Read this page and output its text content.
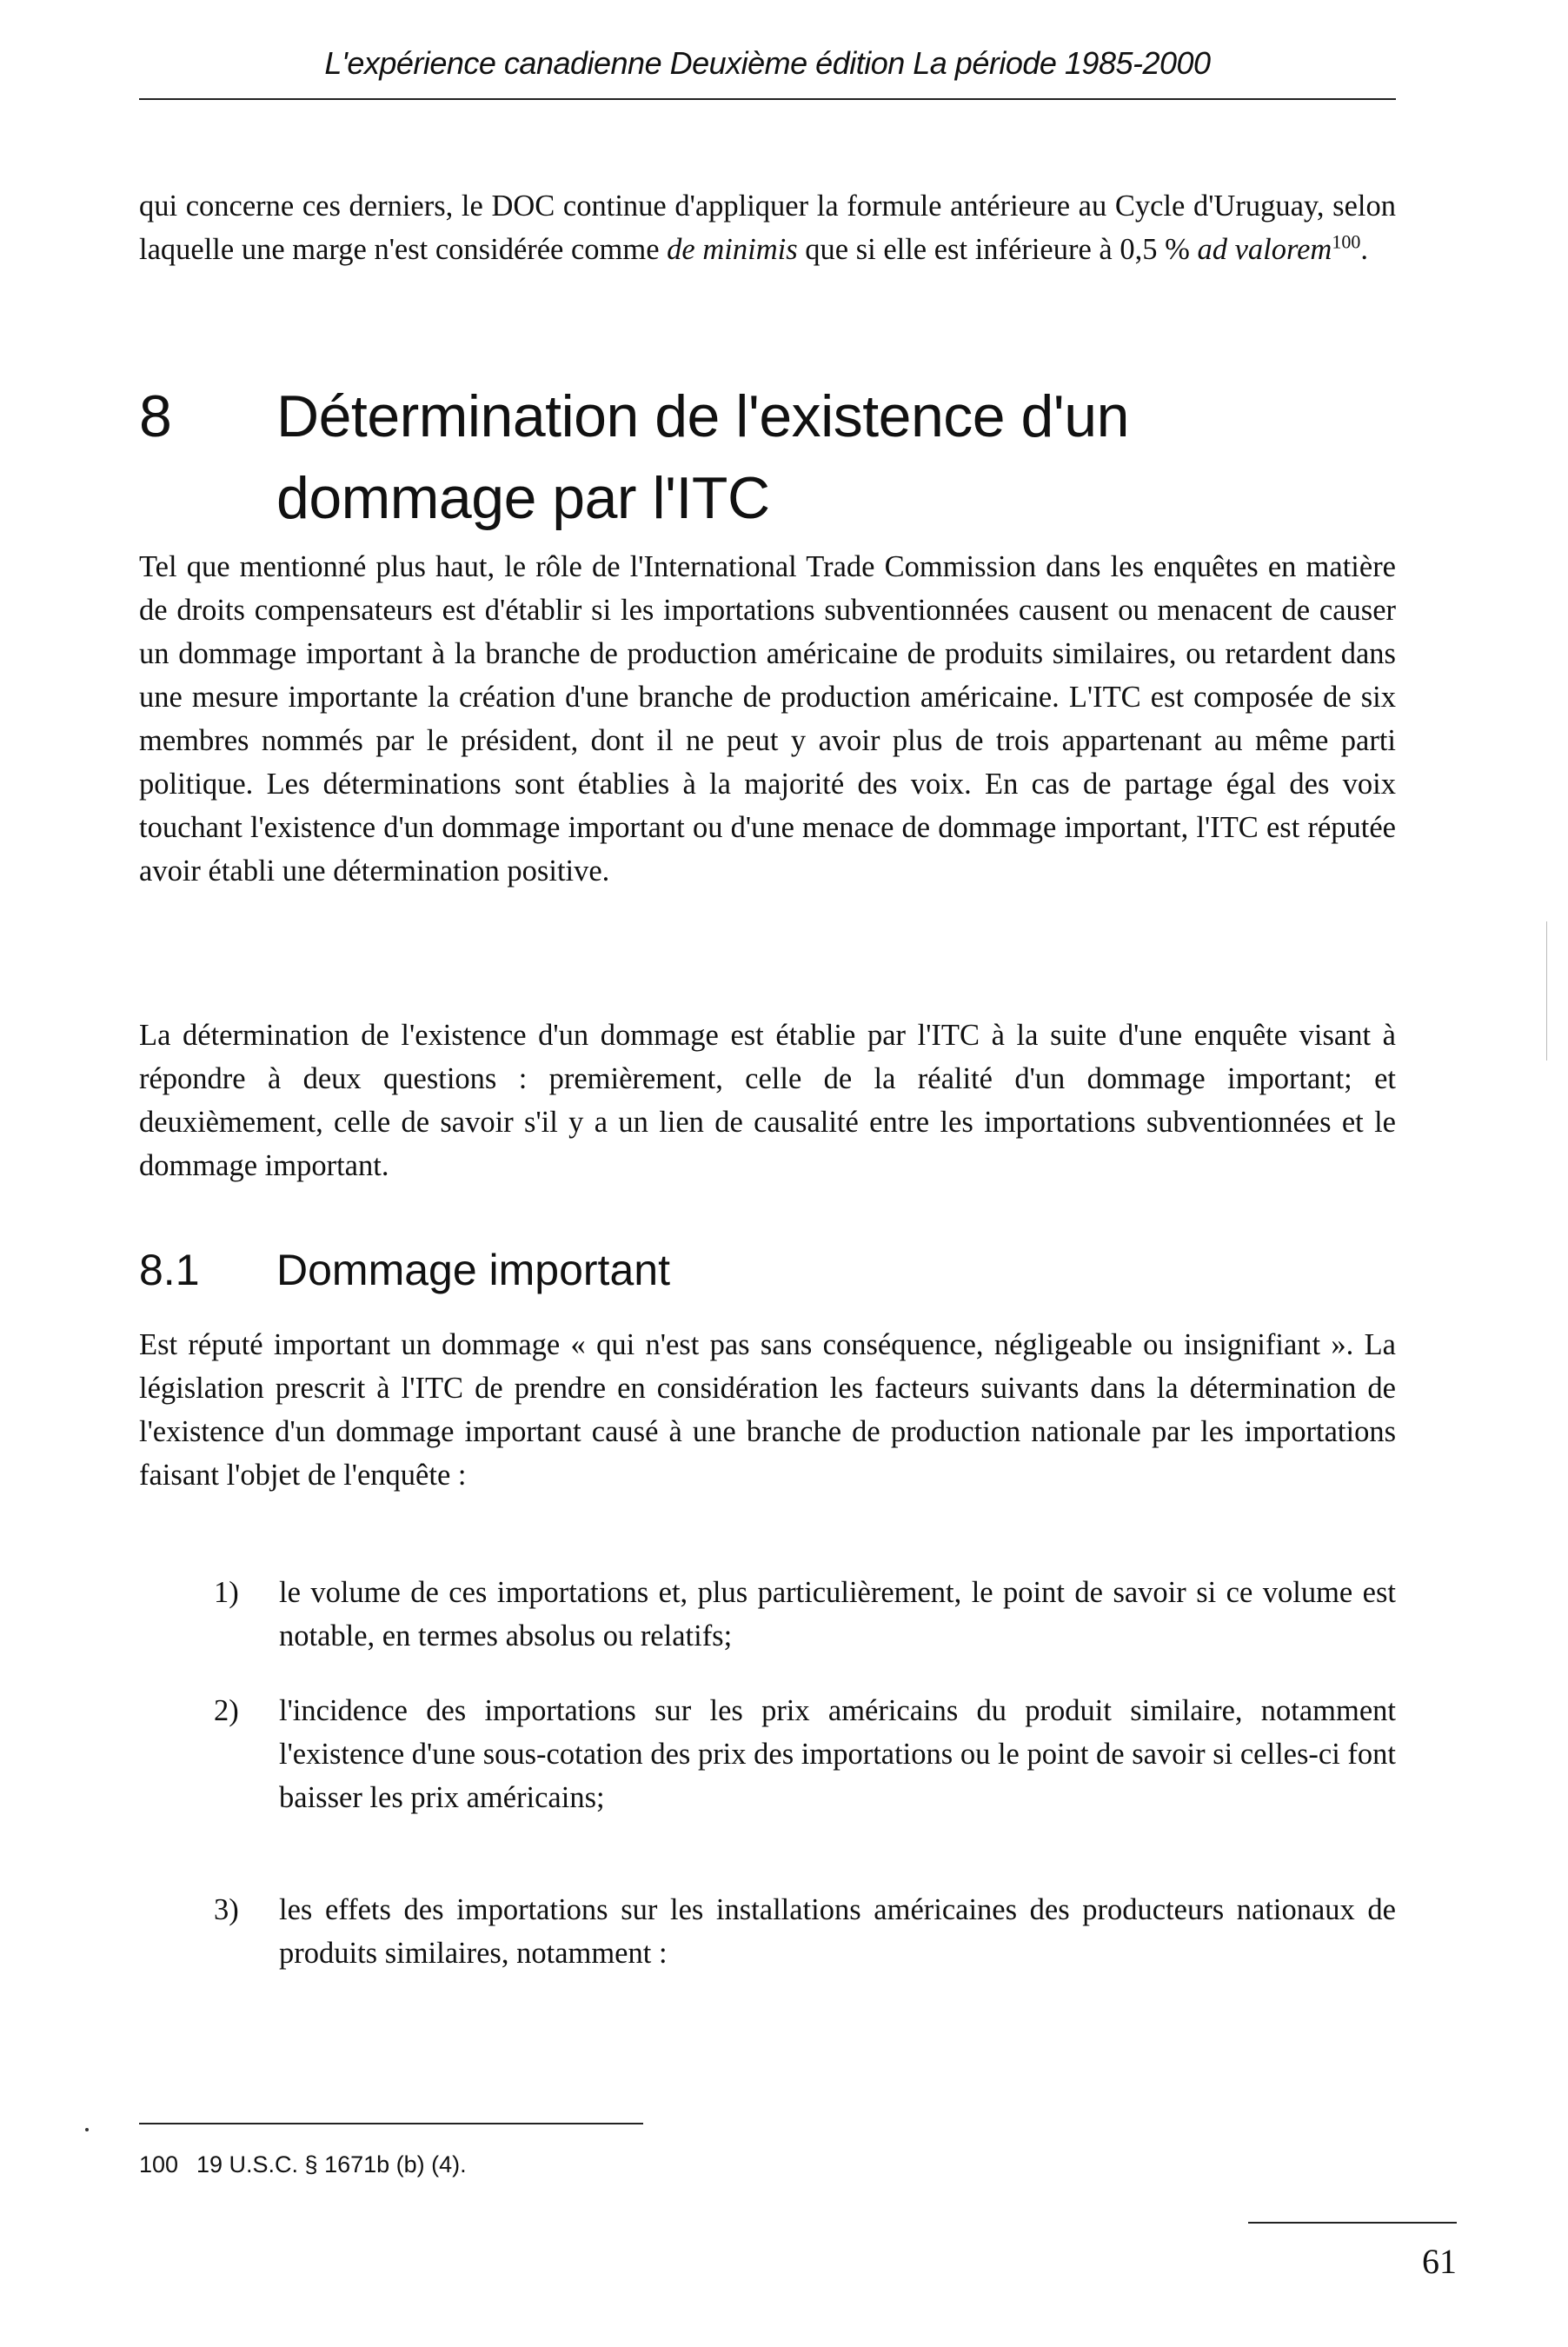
L'expérience canadienne Deuxième édition La période 1985-2000

qui concerne ces derniers, le DOC continue d'appliquer la formule antérieure au Cycle d'Uruguay, selon laquelle une marge n'est considérée comme de minimis que si elle est inférieure à 0,5 % ad valorem$^{100}$.

8 Détermination de l'existence d'un dommage par l'ITC

Tel que mentionné plus haut, le rôle de l'International Trade Commission dans les enquêtes en matière de droits compensateurs est d'établir si les importations subventionnées causent ou menacent de causer un dommage important à la branche de production américaine de produits similaires, ou retardent dans une mesure importante la création d'une branche de production américaine. L'ITC est composée de six membres nommés par le président, dont il ne peut y avoir plus de trois appartenant au même parti politique. Les déterminations sont établies à la majorité des voix. En cas de partage égal des voix touchant l'existence d'un dommage important ou d'une menace de dommage important, l'ITC est réputée avoir établi une détermination positive.

La détermination de l'existence d'un dommage est établie par l'ITC à la suite d'une enquête visant à répondre à deux questions : premièrement, celle de la réalité d'un dommage important; et deuxièmement, celle de savoir s'il y a un lien de causalité entre les importations subventionnées et le dommage important.

8.1 Dommage important

Est réputé important un dommage « qui n'est pas sans conséquence, négligeable ou insignifiant ». La législation prescrit à l'ITC de prendre en considération les facteurs suivants dans la détermination de l'existence d'un dommage important causé à une branche de production nationale par les importations faisant l'objet de l'enquête :

1)	le volume de ces importations et, plus particulièrement, le point de savoir si ce volume est notable, en termes absolus ou relatifs;

2)	l'incidence des importations sur les prix américains du produit similaire, notamment l'existence d'une sous-cotation des prix des importations ou le point de savoir si celles-ci font baisser les prix américains;

3)	les effets des importations sur les installations américaines des producteurs nationaux de produits similaires, notamment :

100 19 U.S.C. § 1671b (b) (4).
61
